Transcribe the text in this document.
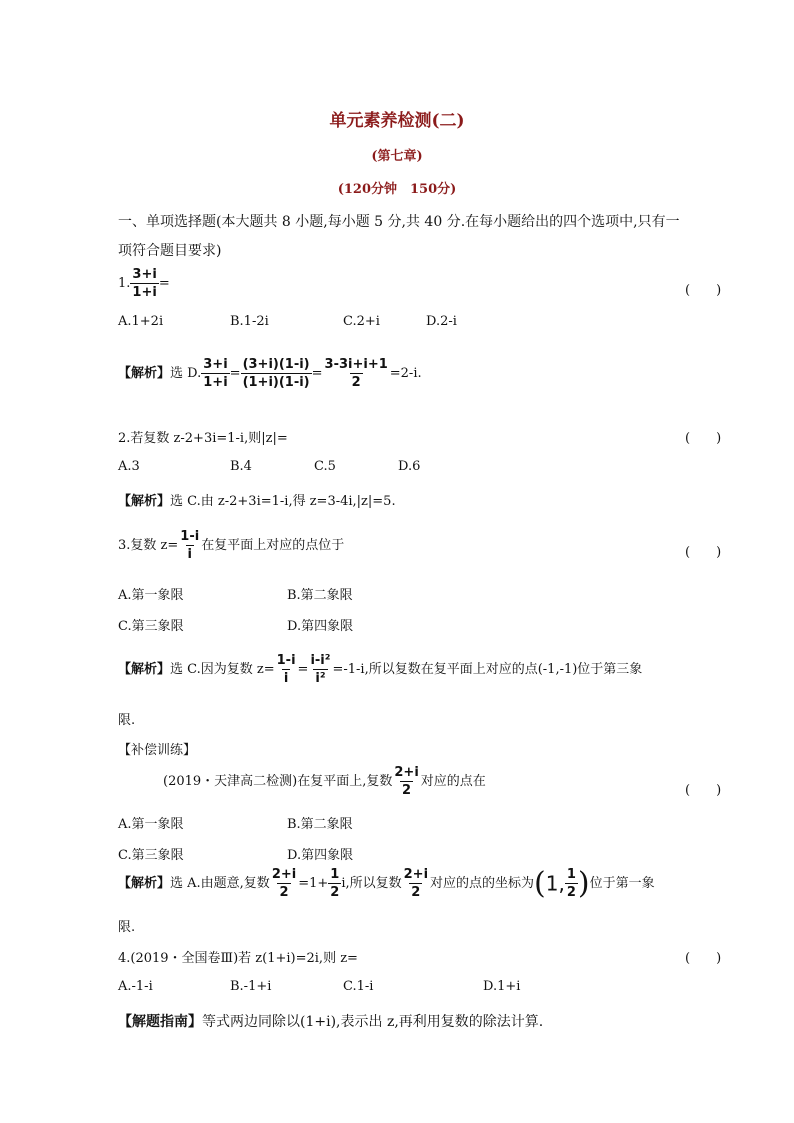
单元素养检测(二)
(第七章)
(120分钟　150分)
一、单项选择题(本大题共 8 小题,每小题 5 分,共 40 分.在每小题给出的四个选项中,只有一
项符合题目要求)
1. $\frac{3+i}{1+i}$ =	(　　)
A.1+2i	B.1-2i	C.2+i	D.2-i
【解析】选 D. $\frac{3+i}{1+i} = \frac{(3+i)(1-i)}{(1+i)(1-i)} = \frac{3-3i+i+1}{2} =2-i$.
2.若复数 z-2+3i=1-i,则|z|=	(　　)
A.3	B.4	C.5	D.6
【解析】选 C.由 z-2+3i=1-i,得 z=3-4i,|z|=5.
3.复数 $z= \frac{1-i}{i}$ 在复平面上对应的点位于	(　　)
A.第一象限	B.第二象限
C.第三象限	D.第四象限
【解析】选 C.因为复数 $z= \frac{1-i}{i} = \frac{\text{i-i²}}{\text{i²}} =-1-i$,所以复数在复平面上对应的点(-1,-1)位于第三象
限.
【补偿训练】
(2019・天津高二检测)在复平面上,复数 $\frac{2+i}{2}$ 对应的点在
(　　)
A.第一象限	B.第二象限
C.第三象限	D.第四象限
【解析】选 A.由题意,复数 $\frac{2+i}{2} =1+ \frac{1}{2} i$,所以复数 $\frac{2+i}{2}$ 对应的点的坐标为(1, $\frac{1}{2}$ )位于第一象
限.
4.(2019・全国卷Ⅲ)若 z(1+i)=2i,则 z=	(　　)
A.-1-i	B.-1+i	C.1-i	D.1+i
【解题指南】等式两边同除以(1+i),表示出 z,再利用复数的除法计算.
